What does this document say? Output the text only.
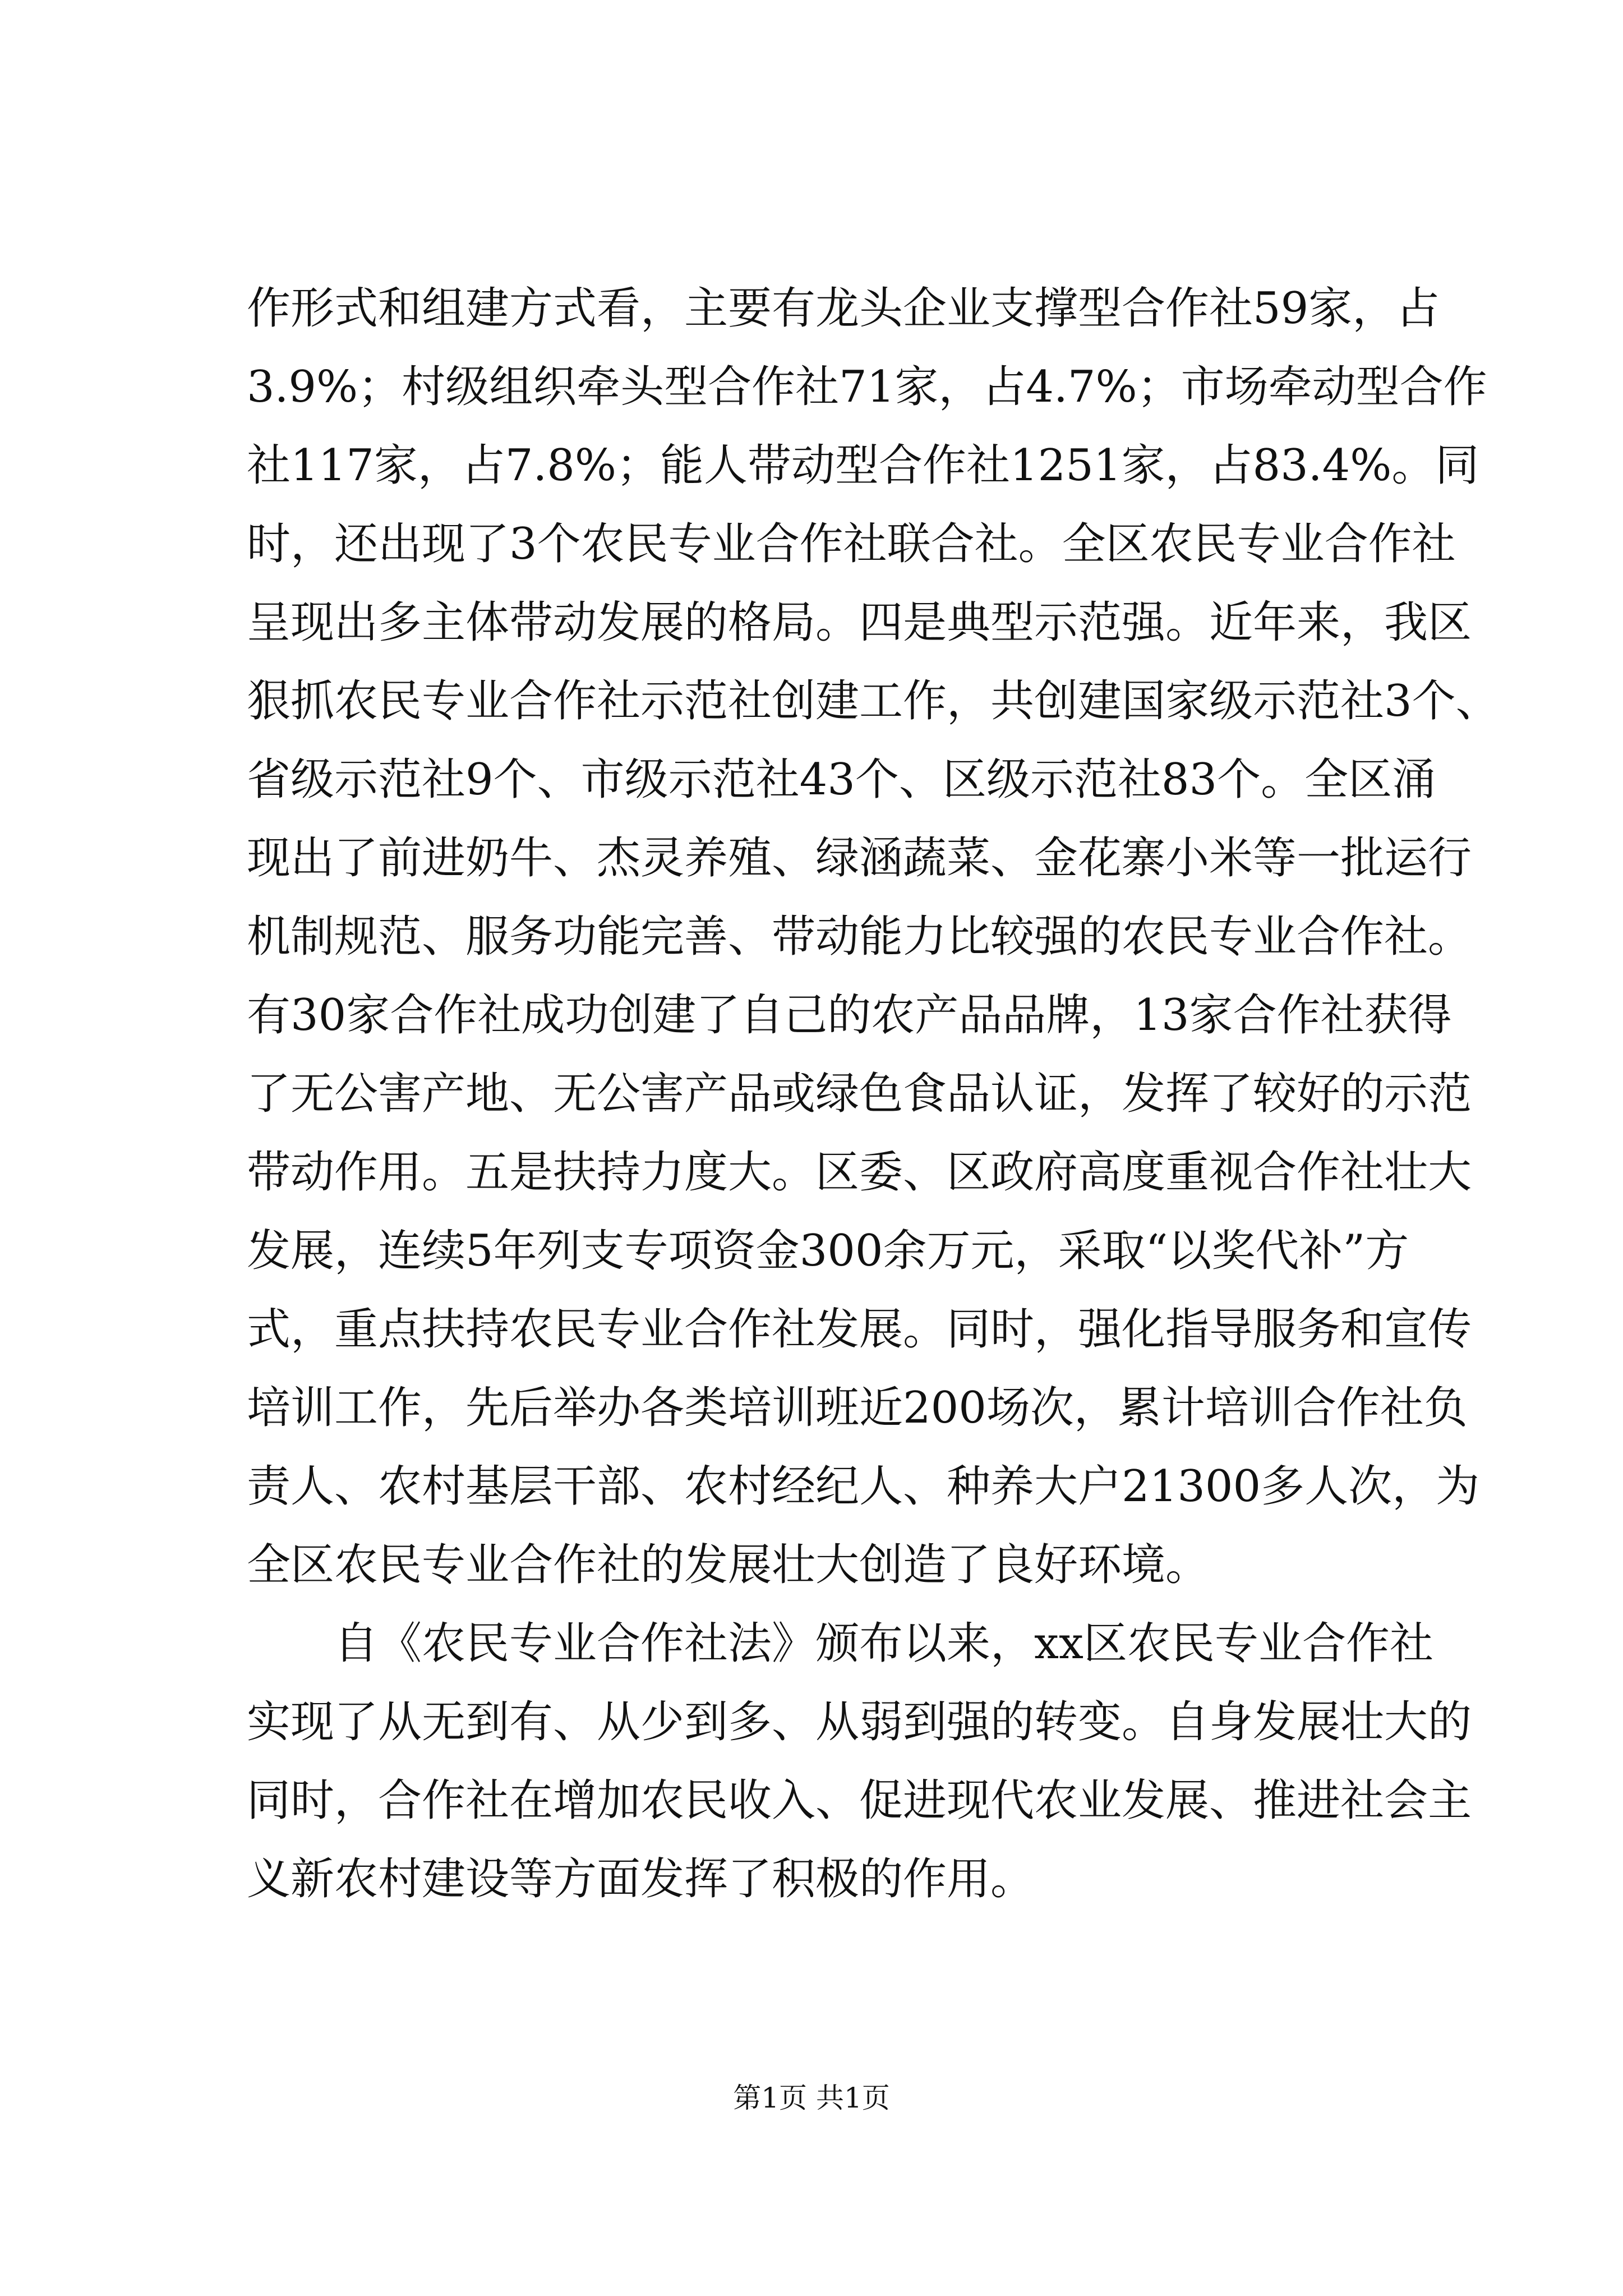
作形式和组建方式看，主要有龙头企业支撑型合作社59家，占
3.9%；村级组织牵头型合作社71家，占4.7%；市场牵动型合作
社117家，占7.8%；能人带动型合作社1251家，占83.4%。同
时，还出现了3个农民专业合作社联合社。全区农民专业合作社
呈现出多主体带动发展的格局。四是典型示范强。近年来，我区
狠抓农民专业合作社示范社创建工作，共创建国家级示范社3个、
省级示范社9个、市级示范社43个、区级示范社83个。全区涌
现出了前进奶牛、杰灵养殖、绿涵蔬菜、金花寨小米等一批运行
机制规范、服务功能完善、带动能力比较强的农民专业合作社。
有30家合作社成功创建了自己的农产品品牌，13家合作社获得
了无公害产地、无公害产品或绿色食品认证，发挥了较好的示范
带动作用。五是扶持力度大。区委、区政府高度重视合作社壮大
发展，连续5年列支专项资金300余万元，采取“以奖代补”方
式，重点扶持农民专业合作社发展。同时，强化指导服务和宣传
培训工作，先后举办各类培训班近200场次，累计培训合作社负
责人、农村基层干部、农村经纪人、种养大户21300多人次，为
全区农民专业合作社的发展壮大创造了良好环境。
　　自《农民专业合作社法》颁布以来，xx区农民专业合作社
实现了从无到有、从少到多、从弱到强的转变。自身发展壮大的
同时，合作社在增加农民收入、促进现代农业发展、推进社会主
义新农村建设等方面发挥了积极的作用。
第1页 共1页
